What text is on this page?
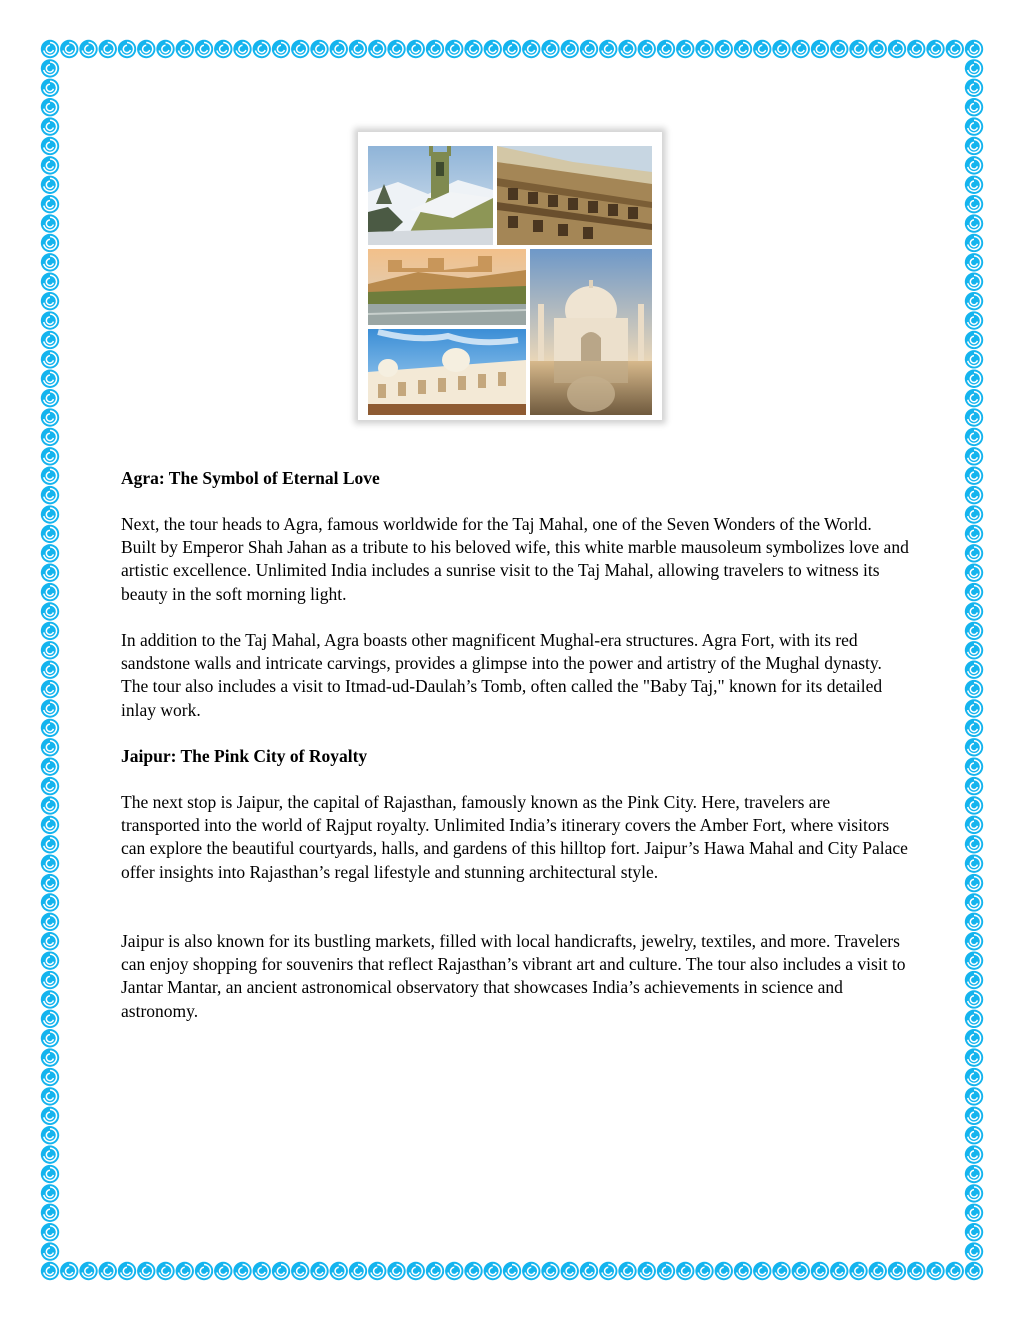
Agra: The Symbol of Eternal Love

Next, the tour heads to Agra, famous worldwide for the Taj Mahal, one of the Seven Wonders of the World. Built by Emperor Shah Jahan as a tribute to his beloved wife, this white marble mausoleum symbolizes love and artistic excellence. Unlimited India includes a sunrise visit to the Taj Mahal, allowing travelers to witness its beauty in the soft morning light.

In addition to the Taj Mahal, Agra boasts other magnificent Mughal-era structures. Agra Fort, with its red sandstone walls and intricate carvings, provides a glimpse into the power and artistry of the Mughal dynasty. The tour also includes a visit to Itmad-ud-Daulah’s Tomb, often called the "Baby Taj," known for its detailed inlay work.

Jaipur: The Pink City of Royalty

The next stop is Jaipur, the capital of Rajasthan, famously known as the Pink City. Here, travelers are transported into the world of Rajput royalty. Unlimited India’s itinerary covers the Amber Fort, where visitors can explore the beautiful courtyards, halls, and gardens of this hilltop fort. Jaipur’s Hawa Mahal and City Palace offer insights into Rajasthan’s regal lifestyle and stunning architectural style.

Jaipur is also known for its bustling markets, filled with local handicrafts, jewelry, textiles, and more. Travelers can enjoy shopping for souvenirs that reflect Rajasthan’s vibrant art and culture. The tour also includes a visit to Jantar Mantar, an ancient astronomical observatory that showcases India’s achievements in science and astronomy.
